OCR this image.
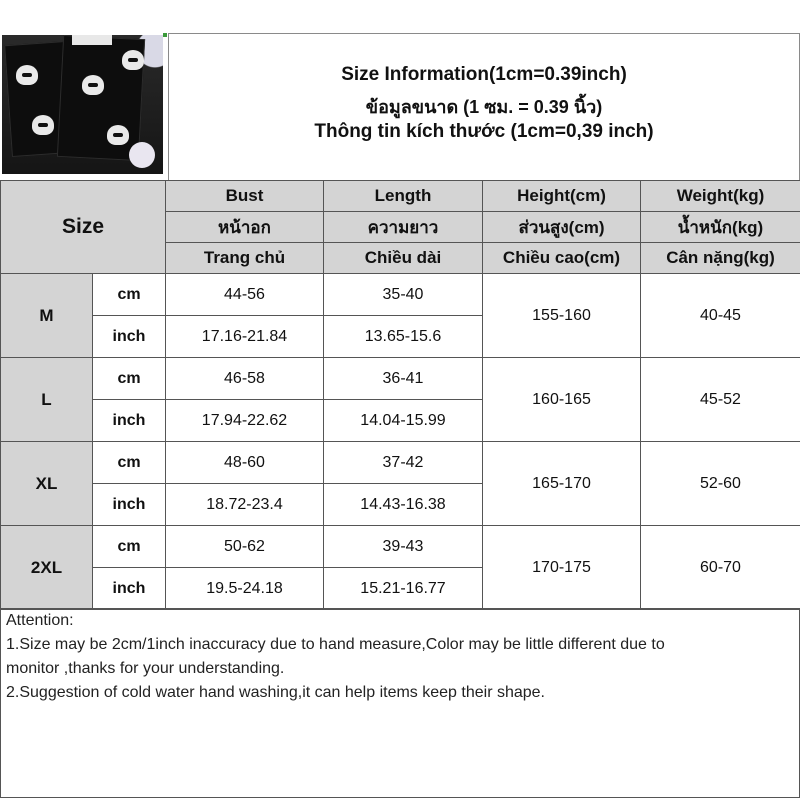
Size Information(1cm=0.39inch)
ข้อมูลขนาด (1 ซม. = 0.39 นิ้ว)
Thông tin kích thước (1cm=0,39 inch)
Size		Bust	Length	Height(cm)	Weight(kg)
		หน้าอก	ความยาว	ส่วนสูง(cm)	น้ำหนัก(kg)
		Trang chủ	Chiều dài	Chiều cao(cm)	Cân nặng(kg)
M	cm	44-56	35-40	155-160	40-45
	inch	17.16-21.84	13.65-15.6		
L	cm	46-58	36-41	160-165	45-52
	inch	17.94-22.62	14.04-15.99		
XL	cm	48-60	37-42	165-170	52-60
	inch	18.72-23.4	14.43-16.38		
2XL	cm	50-62	39-43	170-175	60-70
	inch	19.5-24.18	15.21-16.77		
Attention:
1.Size may be 2cm/1inch inaccuracy due to hand measure,Color may be little different due to
monitor ,thanks for your understanding.
2.Suggestion of cold water hand washing,it can help items keep their shape.
